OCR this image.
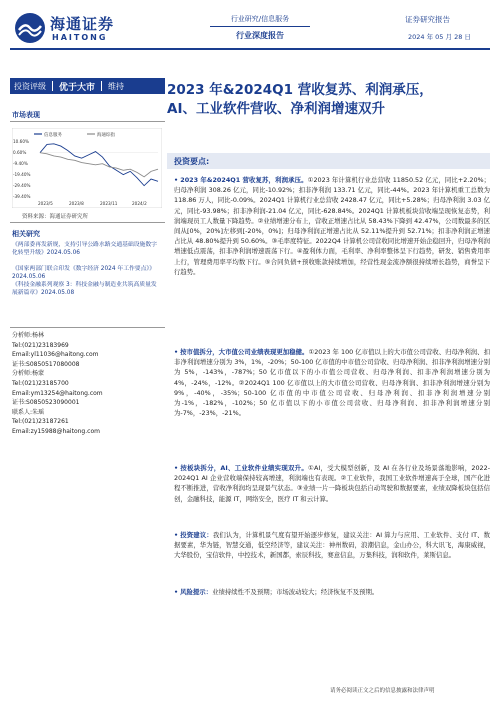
海通证券
HAITONG
行业研究/信息服务
行业深度报告
证券研究报告
2024 年 05 月 28 日
投资评级	优于大市	维持	2023 年&2024Q1 营收复苏、利润承压，
AI、工业软件营收、净利润增速双升
市场表现
信息服务	海通综指
10.60%
0.60%
-9.40%
-19.40%
-29.40%
-39.40%
2023/5	2023/8	2023/11	2024/2
资料来源：海通证券研究所
相关研究
《两部委再发新规，支持引导公路水路交通基础设施数字化转型升级》2024.05.06
《国家两部门联合印发《数字经济 2024 年工作要点》》2024.05.06
《科技金融系列观察 3：科技金融与制造业共筑高质量发展新篇章》2024.05.08
分析师:杨林
Tel:(021)23183969
Email:yl11036@haitong.com
证书:S0850517080008
分析师:杨蒙
Tel:(021)23185700
Email:ym13254@haitong.com
证书:S0850523090001
联系人:朱瑶
Tel:(021)23187261
Email:zy15988@haitong.com
投资要点:
• 2023 年&2024Q1 营收复苏，利润承压。①2023 年计算机行业总营收 11850.52 亿元，同比+2.20%；归母净利润 308.26 亿元，同比-10.92%；扣非净利润 133.71 亿元，同比-44%。2023 年计算机重工总数为 118.86 万人，同比-0.09%。2024Q1 计算机行业总营收 2428.47 亿元，同比+5.28%；归母净利润 3.03 亿元，同比-93.98%；扣非净利润-21.04 亿元，同比-628.84%。2024Q1 计算机板块营收端呈现恢复态势，利润端现员工人数量下降趋势。②业绩增速分布上，营收正增速占比从 58.43%下降到 42.47%，公司数最多的区间从[0%，20%]左移到[-20%，0%]；归母净利润正增速占比从 52.11%提升到 52.71%；扣非净利润正增速占比从 48.80%提升到 50.60%。③毛率度特征。2022Q4 计算机公司营收同比增速开始企稳回升，归母净利润增速低点震荡，扣非净利润增速震荡下行。④盈利体力面，毛利率、净利率整体呈下行趋势，研发、销售费用率上行，管理费用率平均数下行。⑤合同负债+预收账款持续增加，经营性现金流净额很持续增长趋势，商誉呈下行趋势。
• 按市值拆分，大市值公司业绩表现更加稳健。①2023 年 100 亿市值以上的大市值公司营收、归母净利润、扣非净利润增速分别为 3%，1%，-20%；50-100 亿市值的中市值公司营收、归母净利润、扣非净利润增速分别为 5%，-143%，-787%；50 亿市值以下的小市值公司营收、归母净利润、扣非净利润增速分别为 4%，-24%，-12%。②2024Q1 100 亿市值以上的大市值公司营收、归母净利润、扣非净利润增速分别为 9%，-40%，-35%；50-100 亿市值的中市值公司营收、归母净利润、扣非净利润增速分别为-1%，-182%，-102%；50 亿市值以下的小市值公司营收、归母净利润、扣非净利润增速分别为-7%，-23%，-21%。
• 按板块拆分，AI、工业软件业绩实现双升。①AI，受大模型创新，及 AI 在各行业及场景落地影响，2022-2024Q1 AI 企业营收端保持较高增速，利润端也有表现。②工业软件，我国工业软件增速高于全球，国产化进程不断推进，营收净利润均呈现景气状态。③业绩一片一降板块包括自动驾驶和数据要素，业绩双降板块包括信创，金融科技，能源 IT，网络安全，医疗 IT 和云计算。
• 投资建议：我们认为，计算机景气度有望开始逐步修复，建议关注：AI 算力与应用、工业软件、支付 IT、数据要素，华为链，智慧交通，低空经济等，建议关注：神州数码，浪潮信息，金山办公，科大讯飞，海康威视，大华股份，宝信软件，中控技术，新国都，索辰科技，赛意信息，万集科技，润和软件，莱斯信息。
• 风险提示：业绩持续性不及预期；市场波动较大；经济恢复不及预期。
请务必阅读正文之后的信息披露和法律声明
